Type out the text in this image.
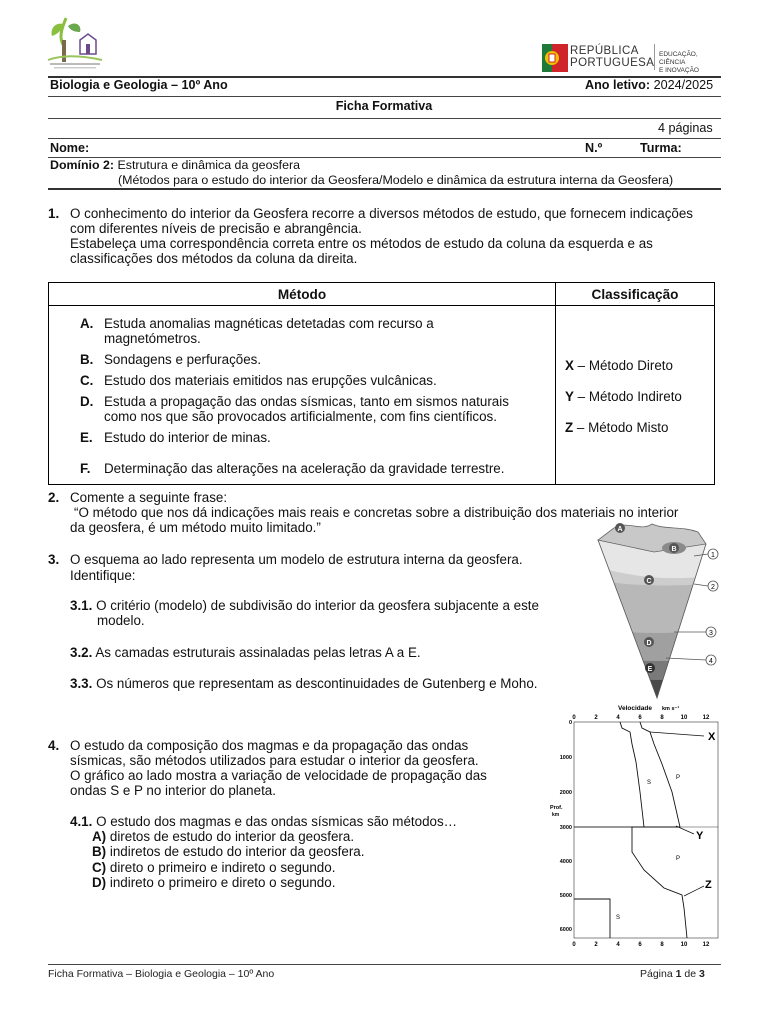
REPÚBLICA
PORTUGUESA
EDUCAÇÃO, CIÊNCIA
E INOVAÇÃO
Biologia e Geologia – 10º Ano	Ano letivo: 2024/2025
Ficha Formativa
4 páginas
Nome:	N.º	Turma:
Domínio 2: Estrutura e dinâmica da geosfera
(Métodos para o estudo do interior da Geosfera/Modelo e dinâmica da estrutura interna da Geosfera)
1. O conhecimento do interior da Geosfera recorre a diversos métodos de estudo, que fornecem indicações
com diferentes níveis de precisão e abrangência.
Estabeleça uma correspondência correta entre os métodos de estudo da coluna da esquerda e as
classificações dos métodos da coluna da direita.
Método	Classificação

A. Estuda anomalias magnéticas detetadas com recurso a
magnetómetros.
B. Sondagens e perfurações.
C. Estudo dos materiais emitidos nas erupções vulcânicas.
D. Estuda a propagação das ondas sísmicas, tanto em sismos naturais
como nos que são provocados artificialmente, com fins científicos.
E. Estudo do interior de minas.
F. Determinação das alterações na aceleração da gravidade terrestre.
X – Método Direto
Y – Método Indireto
Z – Método Misto
2. Comente a seguinte frase:
“O método que nos dá indicações mais reais e concretas sobre a distribuição dos materiais no interior
da geosfera, é um método muito limitado.”
3. O esquema ao lado representa um modelo de estrutura interna da geosfera.
Identifique:
3.1. O critério (modelo) de subdivisão do interior da geosfera subjacente a este
modelo.
3.2. As camadas estruturais assinaladas pelas letras A a E.
3.3. Os números que representam as descontinuidades de Gutenberg e Moho.
A
B
C
D
E
1
2
3
4
4. O estudo da composição dos magmas e da propagação das ondas
sísmicas, são métodos utilizados para estudar o interior da geosfera.
O gráfico ao lado mostra a variação de velocidade de propagação das
ondas S e P no interior do planeta.
4.1. O estudo dos magmas e das ondas sísmicas são métodos…
A) diretos de estudo do interior da geosfera.
B) indiretos de estudo do interior da geosfera.
C) direto o primeiro e indireto o segundo.
D) indireto o primeiro e direto o segundo.
Velocidade km s⁻¹
0	2	4	6	8	10	12
0
1000
2000
3000
4000
5000
6000
Prof.
km
S
P
P
S
X
Y
Z
0	2	4	6	8	10	12
Ficha Formativa – Biologia e Geologia – 10º Ano	Página 1 de 3
